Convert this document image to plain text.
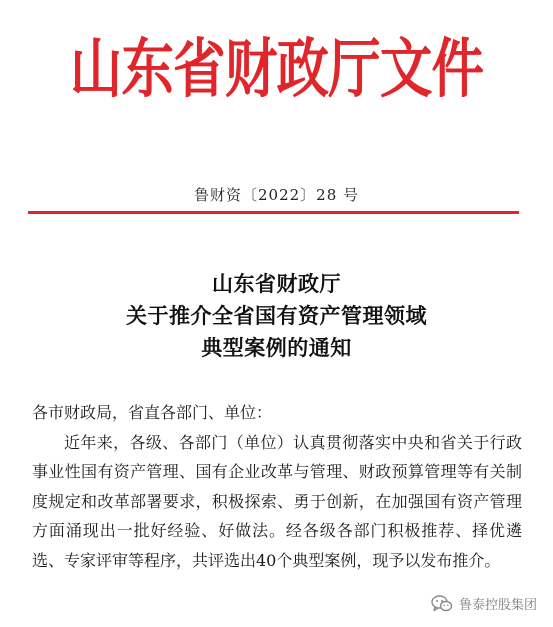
山东省财政厅文件
鲁财资〔2022〕28 号
山东省财政厅
关于推介全省国有资产管理领域
典型案例的通知

各市财政局，省直各部门、单位：

近年来，各级、各部门（单位）认真贯彻落实中央和省关于行政事业性国有资产管理、国有企业改革与管理、财政预算管理等有关制度规定和改革部署要求，积极探索、勇于创新，在加强国有资产管理方面涌现出一批好经验、好做法。经各级各部门积极推荐、择优遴选、专家评审等程序，共评选出40个典型案例，现予以发布推介。

鲁泰控股集团
